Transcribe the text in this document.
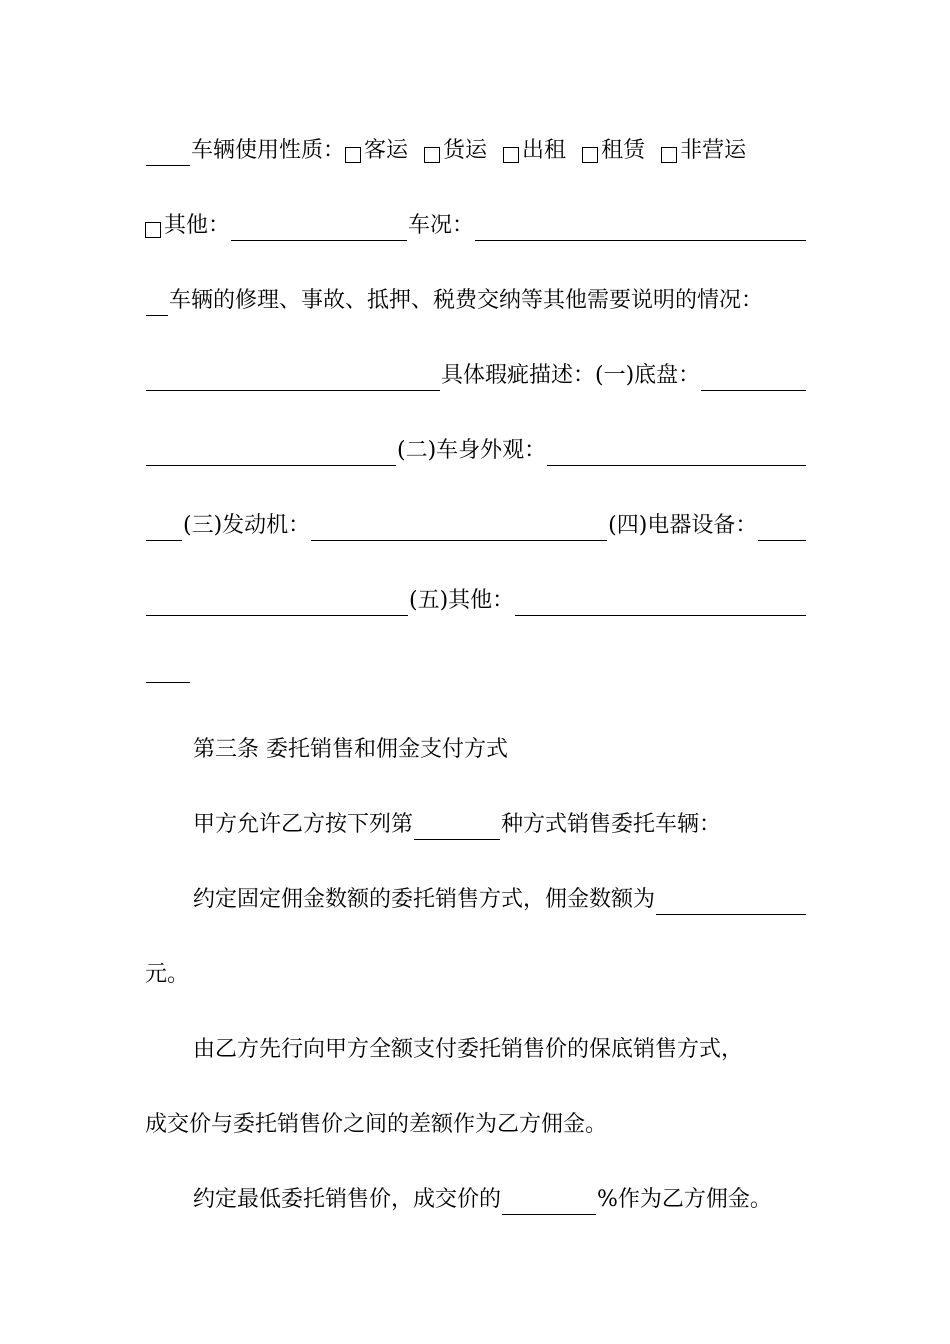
车辆使用性质： 客运 货运 出租 租赁 非营运
其他：	车况：
车辆的修理、事故、抵押、税费交纳等其他需要说明的情况：
具体瑕疵描述：(一)底盘：
(二)车身外观：
(三)发动机：	(四)电器设备：
(五)其他：
第三条 委托销售和佣金支付方式
甲方允许乙方按下列第	种方式销售委托车辆：
约定固定佣金数额的委托销售方式，佣金数额为
元。
由乙方先行向甲方全额支付委托销售价的保底销售方式，
成交价与委托销售价之间的差额作为乙方佣金。
约定最低委托销售价，成交价的	%作为乙方佣金。
